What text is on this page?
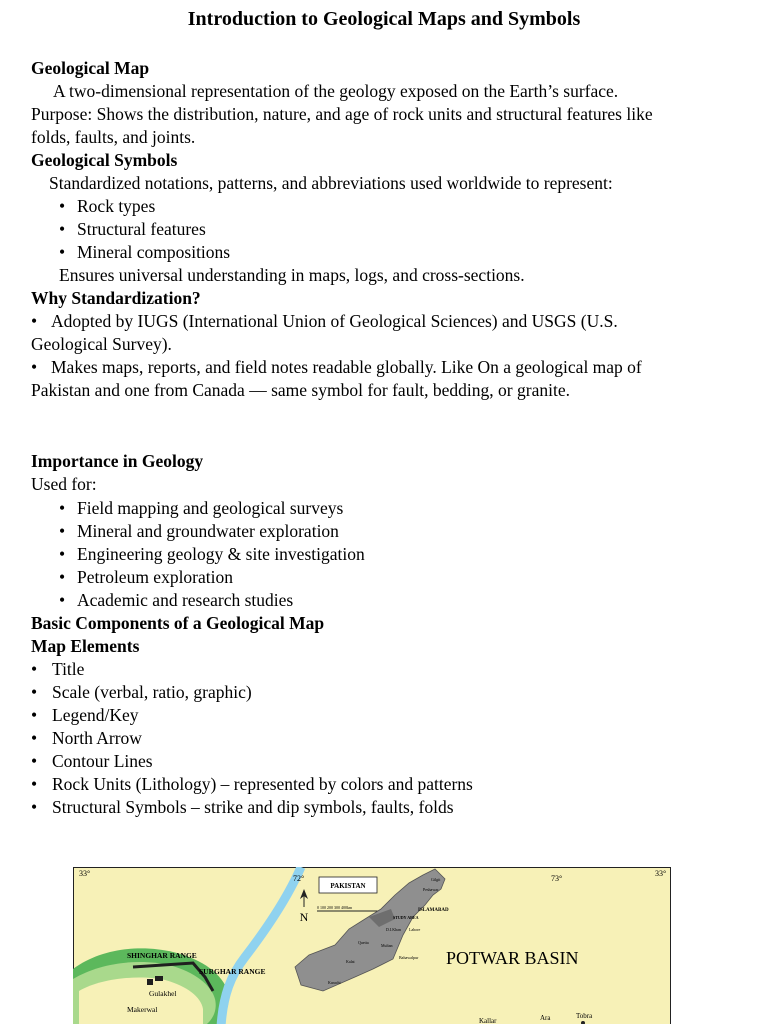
Introduction to Geological Maps and Symbols
Geological Map
A two-dimensional representation of the geology exposed on the Earth’s surface.
Purpose: Shows the distribution, nature, and age of rock units and structural features like
folds, faults, and joints.
Geological Symbols
Standardized notations, patterns, and abbreviations used worldwide to represent:
• Rock types
• Structural features
• Mineral compositions
Ensures universal understanding in maps, logs, and cross-sections.
Why Standardization?
• Adopted by IUGS (International Union of Geological Sciences) and USGS (U.S.
Geological Survey).
• Makes maps, reports, and field notes readable globally. Like On a geological map of
Pakistan and one from Canada — same symbol for fault, bedding, or granite.
Importance in Geology
Used for:
• Field mapping and geological surveys
• Mineral and groundwater exploration
• Engineering geology & site investigation
• Petroleum exploration
• Academic and research studies
Basic Components of a Geological Map
Map Elements
• Title
• Scale (verbal, ratio, graphic)
• Legend/Key
• North Arrow
• Contour Lines
• Rock Units (Lithology) – represented by colors and patterns
• Structural Symbols – strike and dip symbols, faults, folds
33°	33°
72°	73°
PAKISTAN
N
0 100 200 300 400km
Gilgit
Peshawar
ISLAMABAD
STUDY AREA
Lahore
D.I.Khan
Multan
Quetta
Bahawalpur
Kalat
Karachi
POTWAR BASIN
SHINGHAR RANGE
SURGHAR RANGE
Gulakhel
Makerwal
Kallar	Ara	Tobra
